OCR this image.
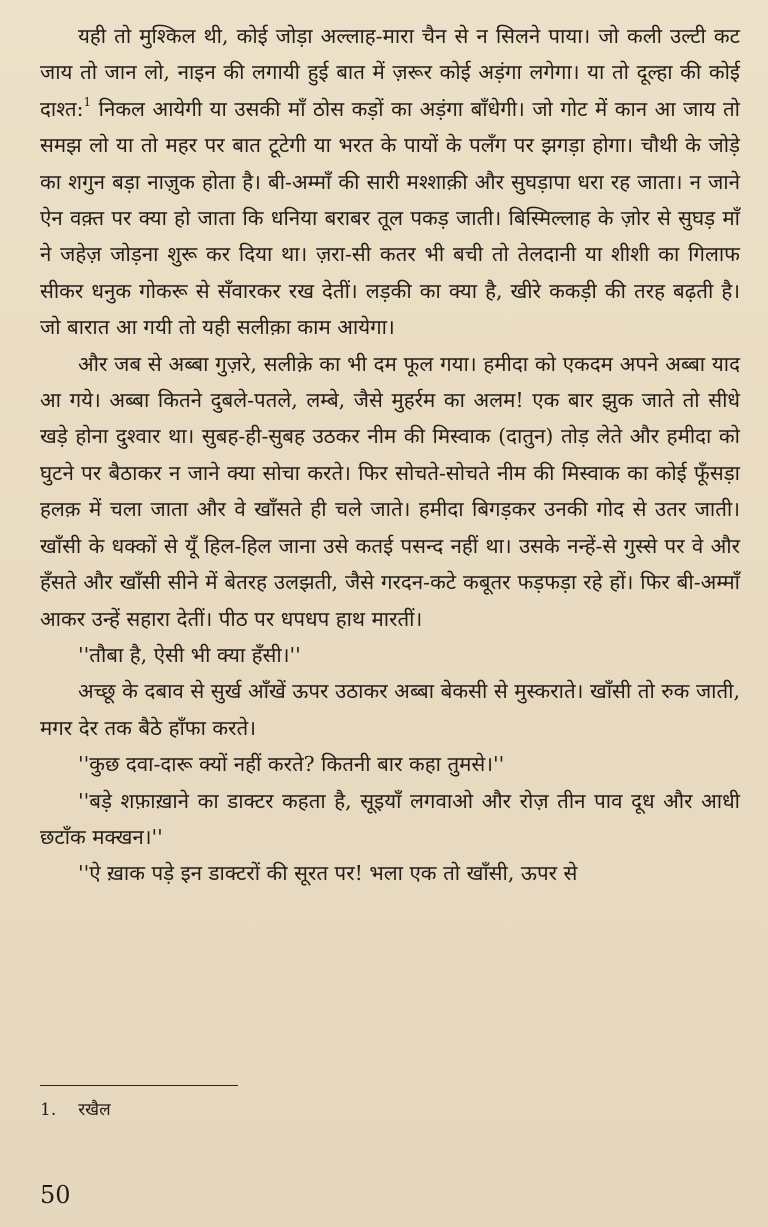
यही तो मुश्किल थी, कोई जोड़ा अल्लाह-मारा चैन से न सिलने पाया। जो कली उल्टी कट जाय तो जान लो, नाइन की लगायी हुई बात में ज़रूर कोई अड़ंगा लगेगा। या तो दूल्हा की कोई दाश्त:$^1$ निकल आयेगी या उसकी माँ ठोस कड़ों का अड़ंगा बाँधेगी। जो गोट में कान आ जाय तो समझ लो या तो महर पर बात टूटेगी या भरत के पायों के पलँग पर झगड़ा होगा। चौथी के जोड़े का शगुन बड़ा नाज़ुक होता है। बी-अम्माँ की सारी मश्शाक़ी और सुघड़ापा धरा रह जाता। न जाने ऐन वक़्त पर क्या हो जाता कि धनिया बराबर तूल पकड़ जाती। बिस्मिल्लाह के ज़ोर से सुघड़ माँ ने जहेज़ जोड़ना शुरू कर दिया था। ज़रा-सी कतर भी बची तो तेलदानी या शीशी का गिलाफ सीकर धनुक गोकरू से सँवारकर रख देतीं। लड़की का क्या है, खीरे ककड़ी की तरह बढ़ती है। जो बारात आ गयी तो यही सलीक़ा काम आयेगा।

और जब से अब्बा गुज़रे, सलीक़े का भी दम फूल गया। हमीदा को एकदम अपने अब्बा याद आ गये। अब्बा कितने दुबले-पतले, लम्बे, जैसे मुहर्रम का अलम! एक बार झुक जाते तो सीधे खड़े होना दुश्वार था। सुबह-ही-सुबह उठकर नीम की मिस्वाक (दातुन) तोड़ लेते और हमीदा को घुटने पर बैठाकर न जाने क्या सोचा करते। फिर सोचते-सोचते नीम की मिस्वाक का कोई फूँसड़ा हलक़ में चला जाता और वे खाँसते ही चले जाते। हमीदा बिगड़कर उनकी गोद से उतर जाती। खाँसी के धक्कों से यूँ हिल-हिल जाना उसे कतई पसन्द नहीं था। उसके नन्हें-से गुस्से पर वे और हँसते और खाँसी सीने में बेतरह उलझती, जैसे गरदन-कटे कबूतर फड़फड़ा रहे हों। फिर बी-अम्माँ आकर उन्हें सहारा देतीं। पीठ पर धपधप हाथ मारतीं।

''तौबा है, ऐसी भी क्या हँसी।''

अच्छू के दबाव से सुर्ख आँखें ऊपर उठाकर अब्बा बेकसी से मुस्कराते। खाँसी तो रुक जाती, मगर देर तक बैठे हाँफा करते।

''कुछ दवा-दारू क्यों नहीं करते? कितनी बार कहा तुमसे।''

''बड़े शफ़ाख़ाने का डाक्टर कहता है, सूइयाँ लगवाओ और रोज़ तीन पाव दूध और आधी छटाँक मक्खन।''

''ऐ ख़ाक पड़े इन डाक्टरों की सूरत पर! भला एक तो खाँसी, ऊपर से

1. रखैल
50
